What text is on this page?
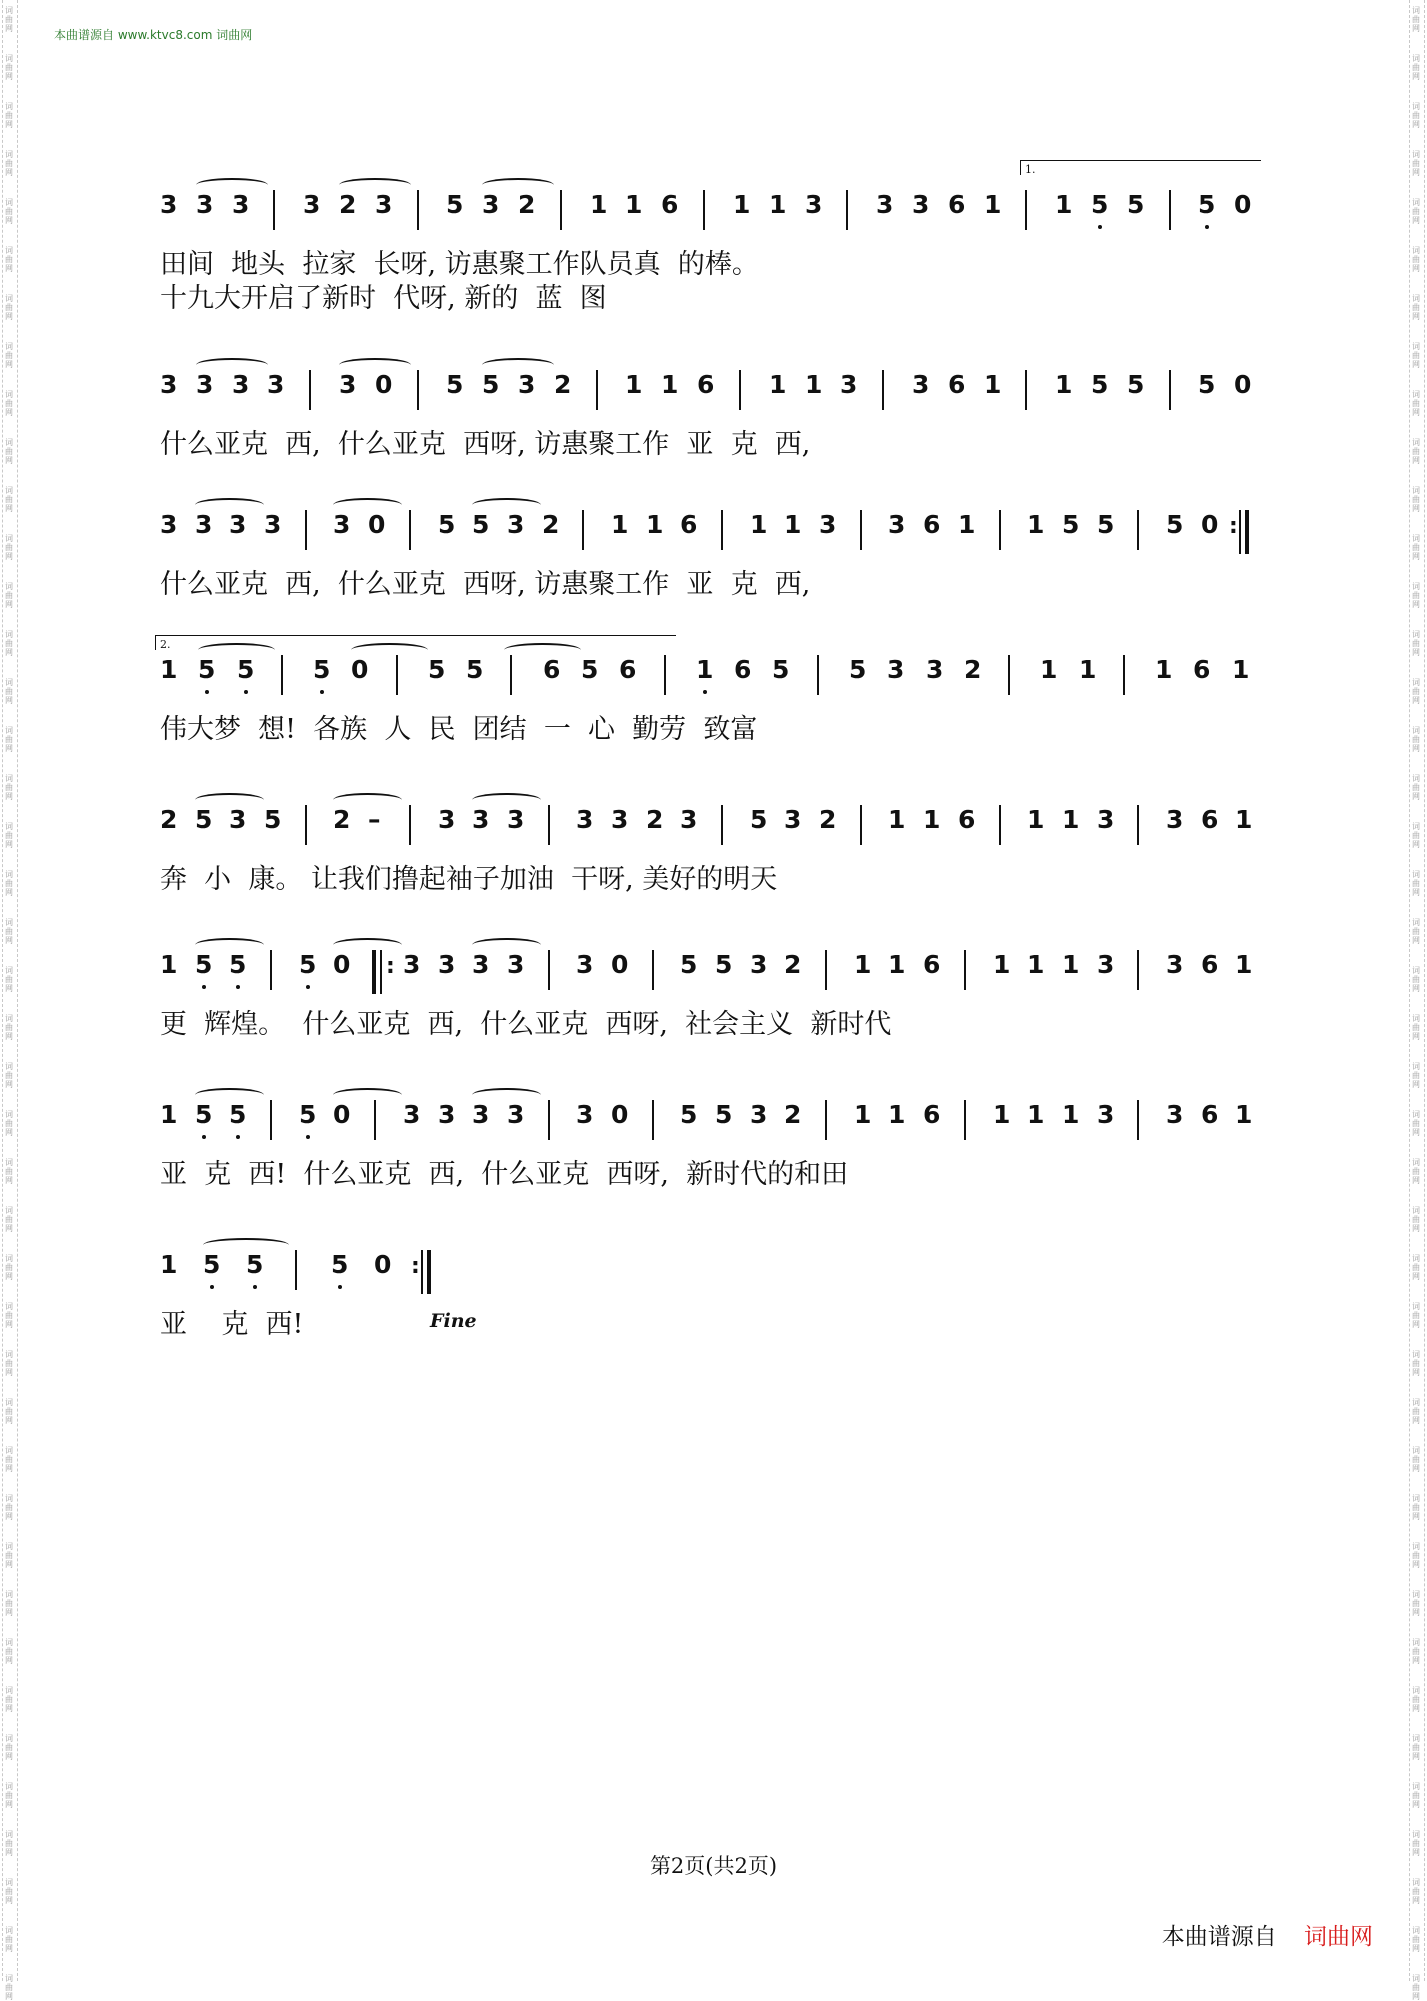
词
曲
网
词
曲
网
词
曲
网
词
曲
网
词
曲
网
词
曲
网
词
曲
网
词
曲
网
词
曲
网
词
曲
网
词
曲
网
词
曲
网
词
曲
网
词
曲
网
词
曲
网
词
曲
网
词
曲
网
词
曲
网
词
曲
网
词
曲
网
词
曲
网
词
曲
网
词
曲
网
词
曲
网
词
曲
网
词
曲
网
词
曲
网
词
曲
网
词
曲
网
词
曲
网
词
曲
网
词
曲
网
词
曲
网
词
曲
网
词
曲
网
词
曲
网
词
曲
网
词
曲
网
词
曲
网
词
曲
网
词
曲
网
词
曲
网
词
曲
网
词
曲
网
词
曲
网
词
曲
网
词
曲
网
词
曲
网
词
曲
网
词
曲
网
词
曲
网
词
曲
网
词
曲
网
词
曲
网
词
曲
网
词
曲
网
词
曲
网
词
曲
网
词
曲
网
词
曲
网
词
曲
网
词
曲
网
词
曲
网
词
曲
网
词
曲
网
词
曲
网
词
曲
网
词
曲
网
词
曲
网
词
曲
网
词
曲
网
词
曲
网
词
曲
网
词
曲
网
词
曲
网
词
曲
网
词
曲
网
词
曲
网
词
曲
网
词
曲
网
词
曲
网
词
曲
网
词
曲
网
词
曲
网
本曲谱源自 www.ktvc8.com 词曲网
3 3 3 3 2 3 5 3 2 1 1 6 1 1 3 3 3 6 1 1 5 5 5 0
1.
田间  地头  拉家  长呀, 访惠聚工作队员真  的棒。
十九大开启了新时  代呀, 新的  蓝  图
3 3 3 3 3 0 5 5 3 2 1 1 6 1 1 3 3 6 1 1 5 5 5 0
什么亚克  西,  什么亚克  西呀, 访惠聚工作  亚  克  西,
3 3 3 3 3 0 5 5 3 2 1 1 6 1 1 3 3 6 1 1 5 5 5 0 :
什么亚克  西,  什么亚克  西呀, 访惠聚工作  亚  克  西,
1 5 5 5 0 5 5 6 5 6 1 6 5 5 3 3 2 1 1 1 6 1
2.
伟大梦  想!  各族  人  民  团结  一  心  勤劳  致富
2 5 3 5 2 – 3 3 3 3 3 2 3 5 3 2 1 1 6 1 1 3 3 6 1
奔  小  康。 让我们撸起袖子加油  干呀, 美好的明天
1 5 5 5 0 : 3 3 3 3 3 0 5 5 3 2 1 1 6 1 1 1 3 3 6 1
更  辉煌。  什么亚克  西,  什么亚克  西呀,  社会主义  新时代
1 5 5 5 0 3 3 3 3 3 0 5 5 3 2 1 1 6 1 1 1 3 3 6 1
亚  克  西!  什么亚克  西,  什么亚克  西呀,  新时代的和田
1 5 5	5 0 :
亚    克  西!	Fine
第2页(共2页)
本曲谱源自 词曲网
